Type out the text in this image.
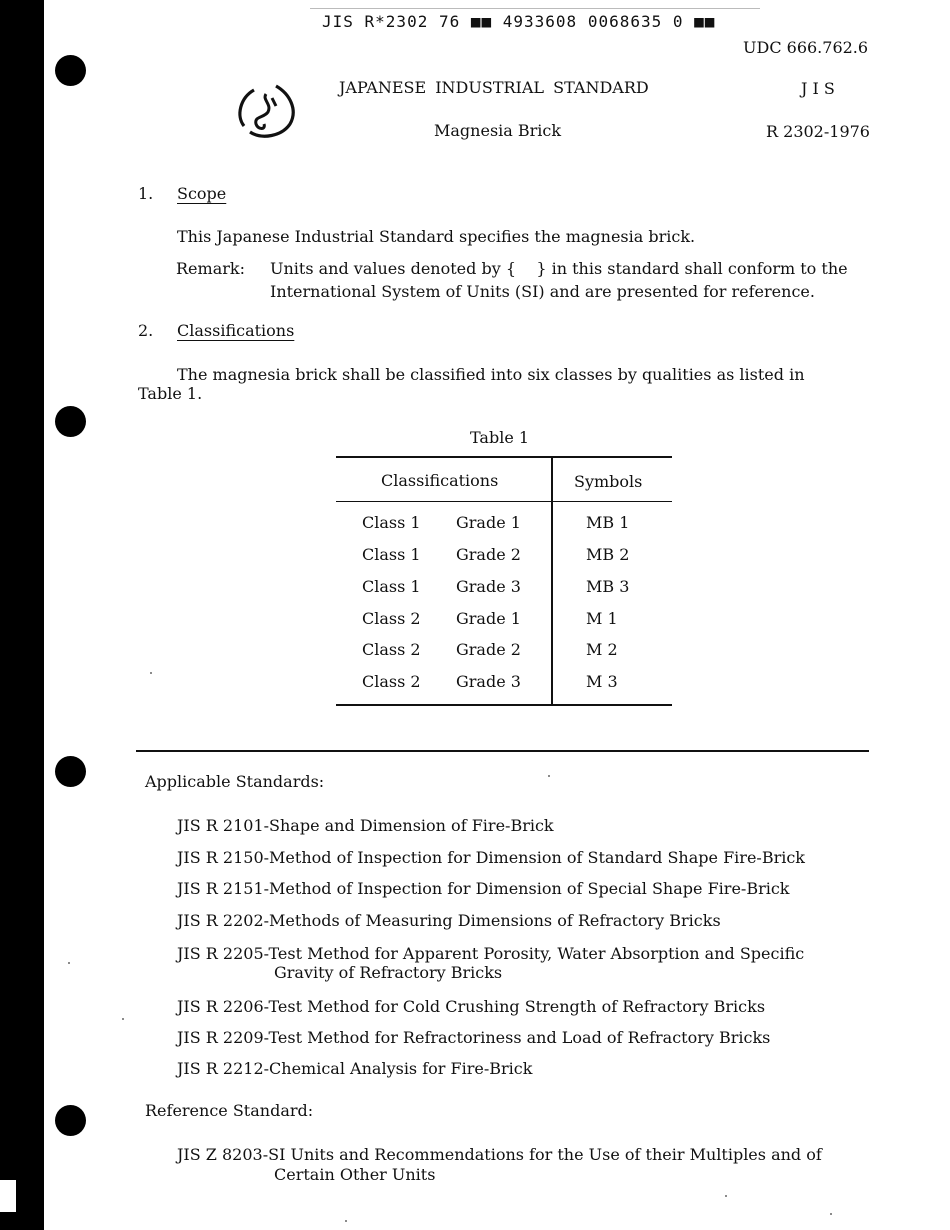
JIS R*2302 76 ■■ 4933608 0068635 0 ■■
UDC 666.762.6
JAPANESE INDUSTRIAL STANDARD	J I S
Magnesia Brick	R 2302-1976
1. Scope
This Japanese Industrial Standard specifies the magnesia brick.
Remark: Units and values denoted by {    } in this standard shall conform to the
International System of Units (SI) and are presented for reference.
2. Classifications
The magnesia brick shall be classified into six classes by qualities as listed in
Table 1.
Table 1
Classifications	Symbols
Class 1 Grade 1	MB 1
Class 1 Grade 2	MB 2
Class 1 Grade 3	MB 3
Class 2 Grade 1	M 1
Class 2 Grade 2	M 2
Class 2 Grade 3	M 3
Applicable Standards:
JIS R 2101-Shape and Dimension of Fire-Brick
JIS R 2150-Method of Inspection for Dimension of Standard Shape Fire-Brick
JIS R 2151-Method of Inspection for Dimension of Special Shape Fire-Brick
JIS R 2202-Methods of Measuring Dimensions of Refractory Bricks
JIS R 2205-Test Method for Apparent Porosity, Water Absorption and Specific
Gravity of Refractory Bricks
JIS R 2206-Test Method for Cold Crushing Strength of Refractory Bricks
JIS R 2209-Test Method for Refractoriness and Load of Refractory Bricks
JIS R 2212-Chemical Analysis for Fire-Brick
Reference Standard:
JIS Z 8203-SI Units and Recommendations for the Use of their Multiples and of
Certain Other Units
